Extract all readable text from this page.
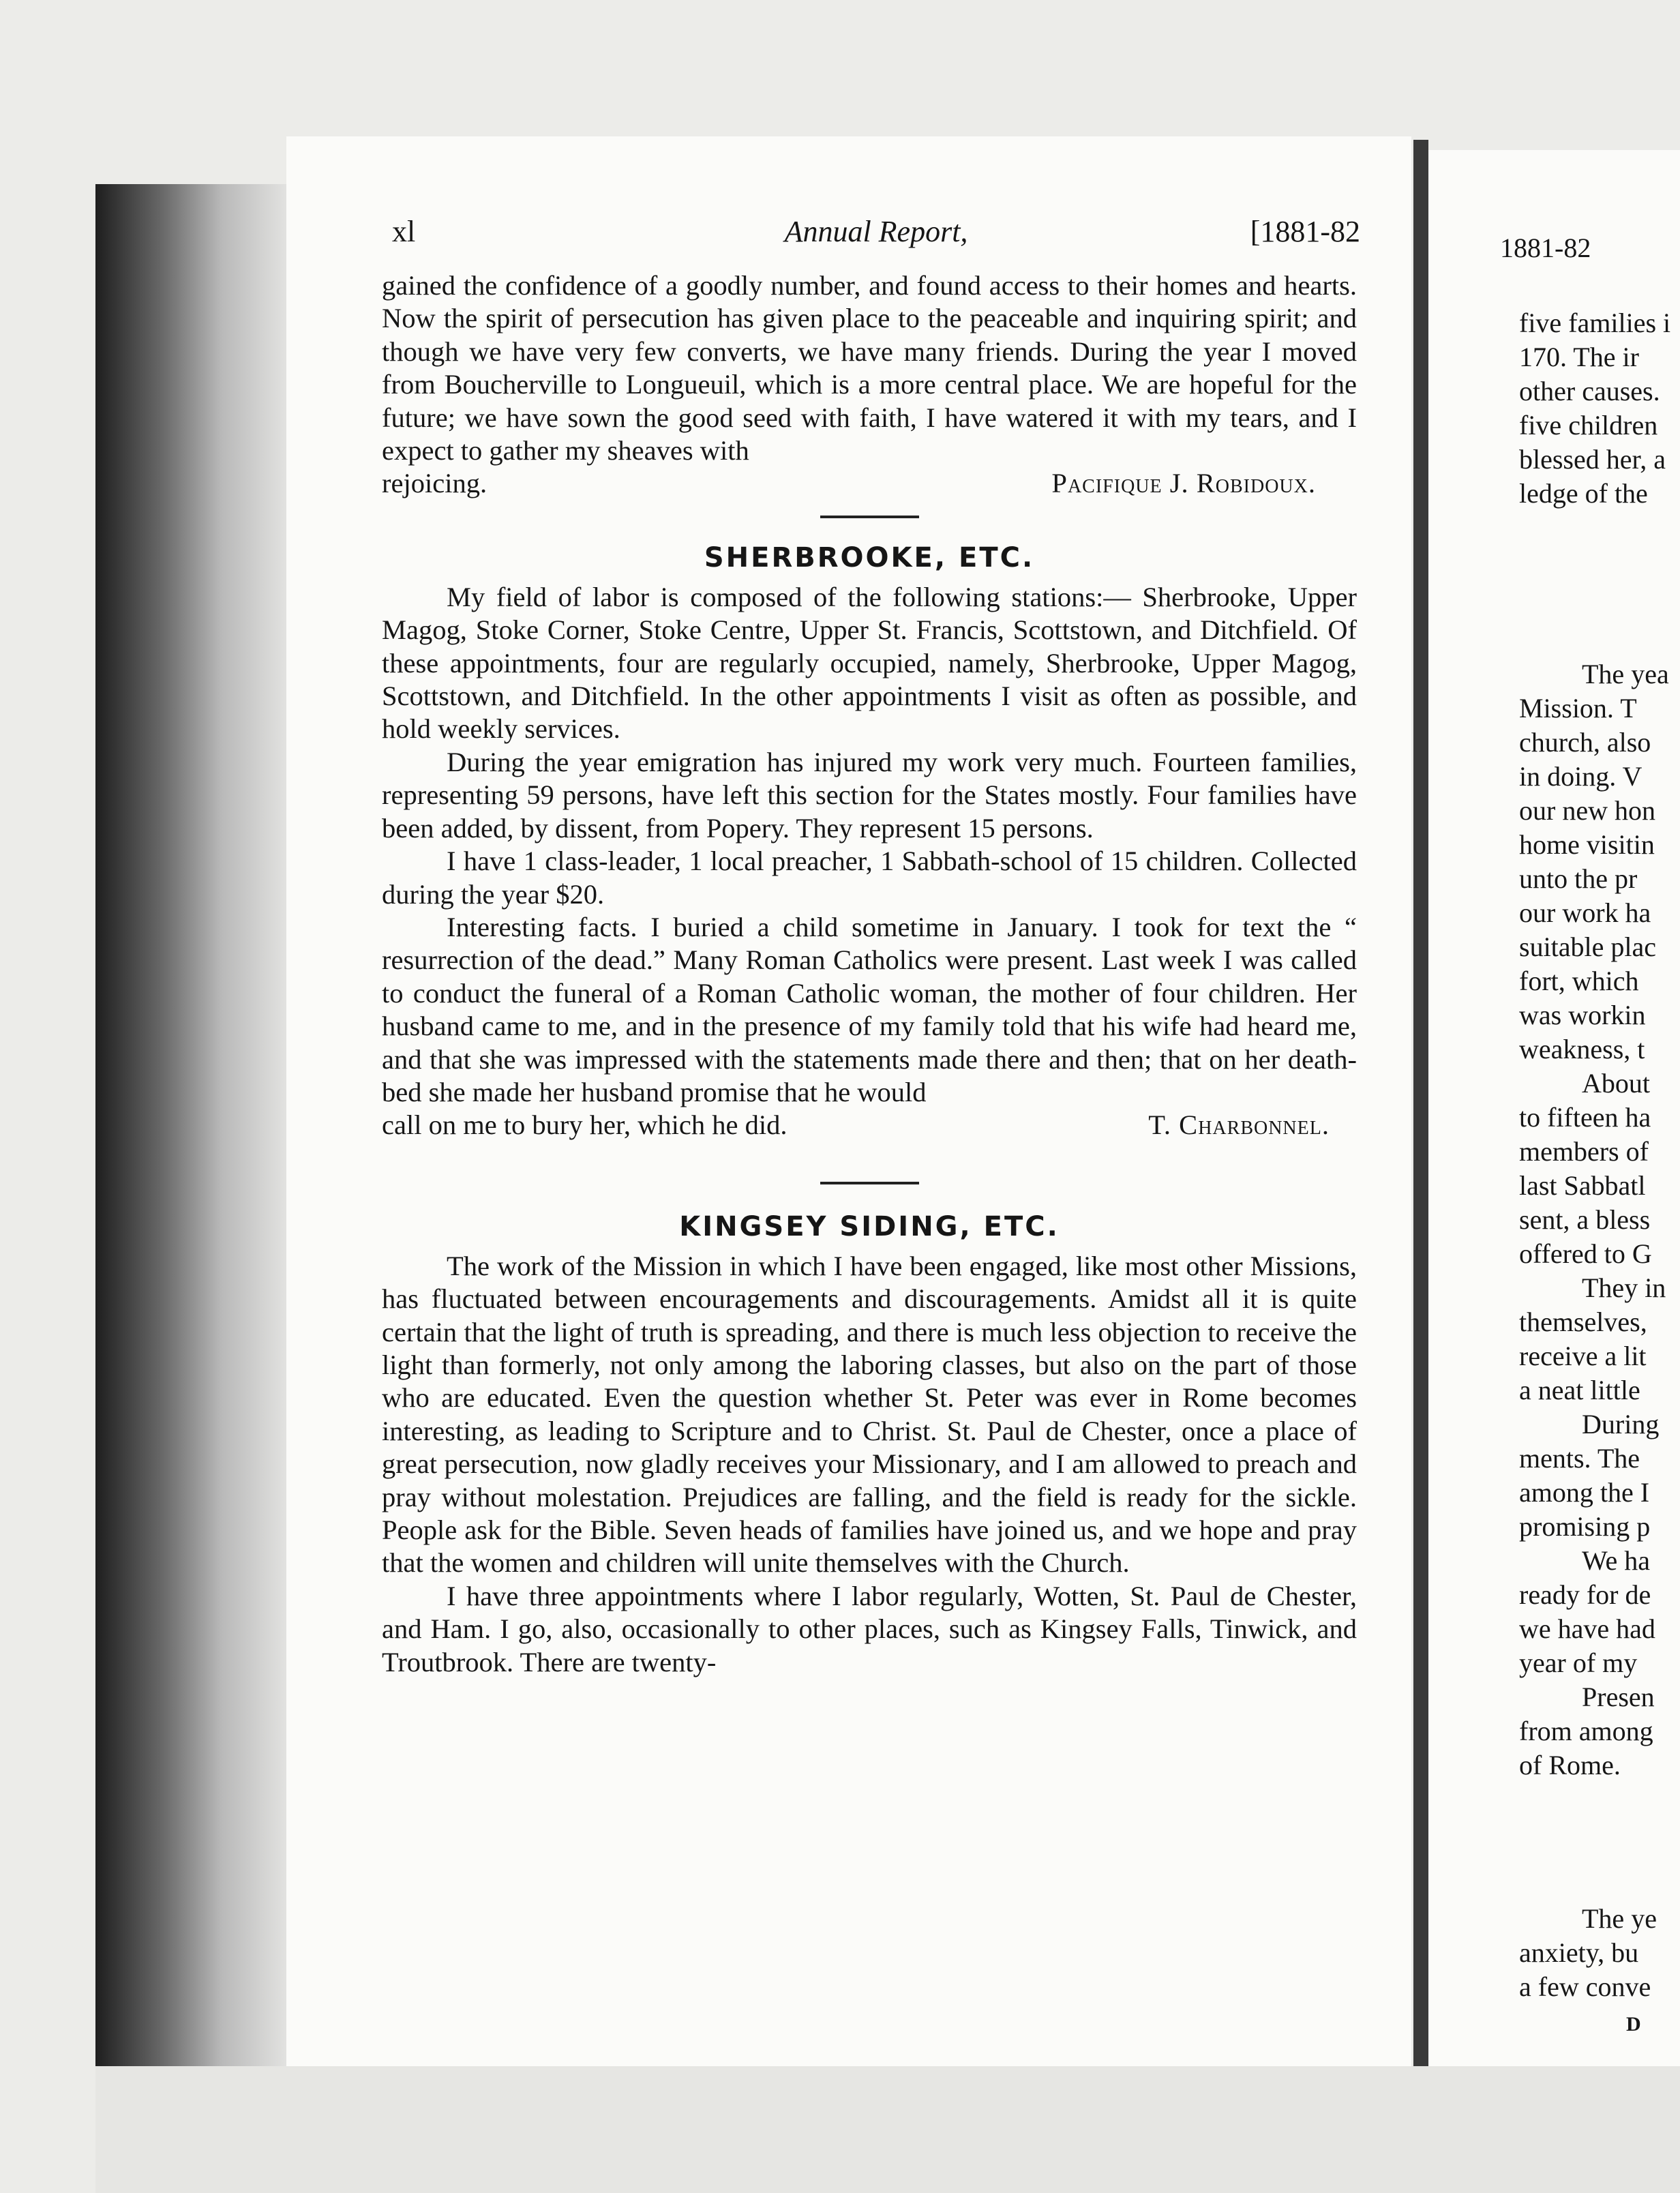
xl	Annual Report,	[1881-82

gained the confidence of a goodly number, and found access to their homes and hearts. Now the spirit of persecution has given place to the peaceable and inquiring spirit; and though we have very few converts, we have many friends. During the year I moved from Boucherville to Longueuil, which is a more central place. We are hopeful for the future; we have sown the good seed with faith, I have watered it with my tears, and I expect to gather my sheaves with

rejoicing.	Pacifique J. Robidoux.

SHERBROOKE, ETC.

My field of labor is composed of the following stations:— Sherbrooke, Upper Magog, Stoke Corner, Stoke Centre, Upper St. Francis, Scottstown, and Ditchfield. Of these appointments, four are regularly occupied, namely, Sherbrooke, Upper Magog, Scottstown, and Ditchfield. In the other appointments I visit as often as possible, and hold weekly services.

During the year emigration has injured my work very much. Fourteen families, representing 59 persons, have left this section for the States mostly. Four families have been added, by dissent, from Popery. They represent 15 persons.

I have 1 class-leader, 1 local preacher, 1 Sabbath-school of 15 children. Collected during the year $20.

Interesting facts. I buried a child sometime in January. I took for text the “ resurrection of the dead.” Many Roman Catholics were present. Last week I was called to conduct the funeral of a Roman Catholic woman, the mother of four children. Her husband came to me, and in the presence of my family told that his wife had heard me, and that she was impressed with the statements made there and then; that on her death-bed she made her husband promise that he would

call on me to bury her, which he did.	T. Charbonnel.

KINGSEY SIDING, ETC.

The work of the Mission in which I have been engaged, like most other Missions, has fluctuated between encouragements and discouragements. Amidst all it is quite certain that the light of truth is spreading, and there is much less objection to receive the light than formerly, not only among the laboring classes, but also on the part of those who are educated. Even the question whether St. Peter was ever in Rome becomes interesting, as leading to Scripture and to Christ. St. Paul de Chester, once a place of great persecution, now gladly receives your Missionary, and I am allowed to preach and pray without molestation. Prejudices are falling, and the field is ready for the sickle. People ask for the Bible. Seven heads of families have joined us, and we hope and pray that the women and children will unite themselves with the Church.

I have three appointments where I labor regularly, Wotten, St. Paul de Chester, and Ham. I go, also, occasionally to other places, such as Kingsey Falls, Tinwick, and Troutbrook. There are twenty-

1881-82
five families i
170. The ir
other causes.
five children
blessed her, a
ledge of the
The yea
Mission. T
church, also
in doing. V
our new hon
home visitin
unto the pr
our work ha
suitable plac
fort, which
was workin
weakness, t
About
to fifteen ha
members of
last Sabbatl
sent, a bless
offered to G
They in
themselves,
receive a lit
a neat little
During
ments. The
among the I
promising p
We ha
ready for de
we have had
year of my
Presen
from among
of Rome.
The ye
anxiety, bu
a few conve
D
